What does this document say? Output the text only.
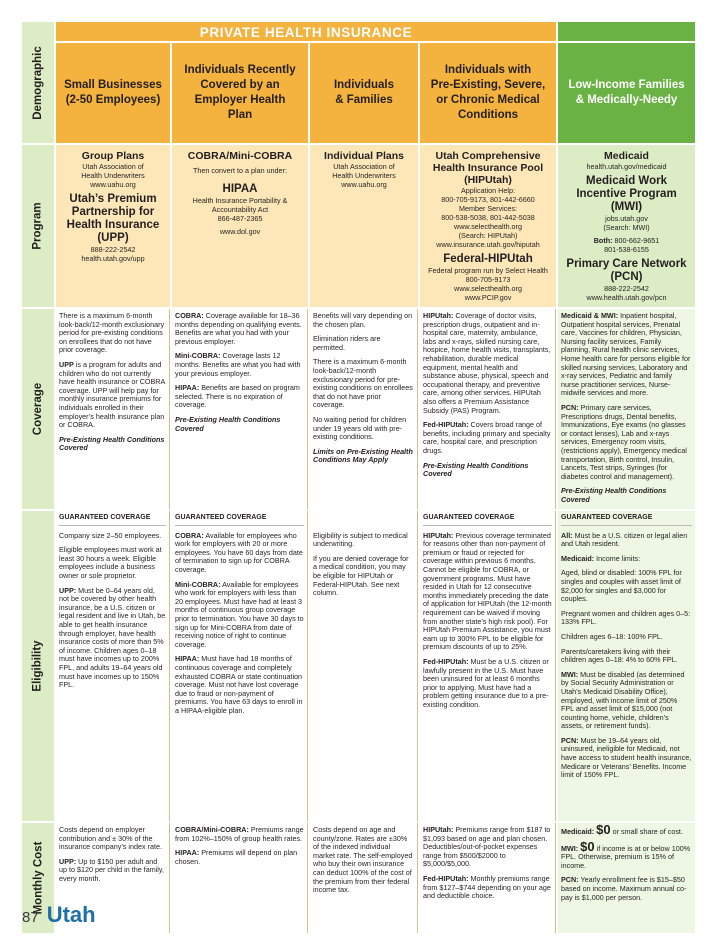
Demographic
PRIVATE HEALTH INSURANCE
Small Businesses
(2-50 Employees)
Individuals Recently
Covered by an
Employer Health
Plan
Individuals
& Families
Individuals with
Pre-Existing, Severe,
or Chronic Medical
Conditions
Low-Income Families
& Medically-Needy
Program
Group Plans
Utah Association of
Health Underwriters
www.uahu.org
Utah’s Premium
Partnership for
Health Insurance
(UPP)
888-222-2542
health.utah.gov/upp
COBRA/Mini-COBRA
Then convert to a plan under:
HIPAA
Health Insurance Portability &
Accountability Act
866-487-2365
www.dol.gov
Individual Plans
Utah Association of
Health Underwriters
www.uahu.org
Utah Comprehensive
Health Insurance Pool
(HIPUtah)
Application Help:
800-705-9173, 801-442-6660
Member Services:
800-538-5038, 801-442-5038
www.selecthealth.org
(Search: HIPUtah)
www.insurance.utah.gov/hiputah
Federal-HIPUtah
Federal program run by Select Health
800-705-9173
www.selecthealth.org
www.PCIP.gov
Medicaid
health.utah.gov/medicaid
Medicaid Work
Incentive Program
(MWI)
jobs.utah.gov
(Search: MWI)
Both: 800-662-9651
801-538-6155
Primary Care Network
(PCN)
888-222-2542
www.health.utah.gov/pcn
Coverage

There is a maximum 6-month look-back/12-month exclusionary period for pre-existing conditions on enrollees that do not have prior coverage.

UPP is a program for adults and children who do not currently have health insurance or COBRA coverage. UPP will help pay for monthly insurance premiums for individuals enrolled in their employer’s health insurance plan or COBRA.

Pre-Existing Health Conditions Covered

COBRA: Coverage available for 18–36 months depending on qualifying events. Benefits are what you had with your previous employer.

Mini-COBRA: Coverage lasts 12 months. Benefits are what you had with your previous employer.

HIPAA: Benefits are based on program selected. There is no expiration of coverage.

Pre-Existing Health Conditions Covered

Benefits will vary depending on the chosen plan.

Elimination riders are permitted.

There is a maximum 6-month look-back/12-month exclusionary period for pre-existing conditions on enrollees that do not have prior coverage.

No waiting period for children under 19 years old with pre-existing conditions.

Limits on Pre-Existing Health Conditions May Apply

HIPUtah: Coverage of doctor visits, prescription drugs, outpatient and in-hospital care, maternity, ambulance, labs and x-rays, skilled nursing care, hospice, home health visits, transplants, rehabilitation, durable medical equipment, mental health and substance abuse, physical, speech and occupational therapy, and preventive care, among other services. HIPUtah also offers a Premium Assistance Subsidy (PAS) Program.

Fed-HIPUtah: Covers broad range of benefits, including primary and specialty care, hospital care, and prescription drugs.

Pre-Existing Health Conditions Covered

Medicaid & MWI: Inpatient hospital, Outpatient hospital services, Prenatal care, Vaccines for children, Physician, Nursing facility services, Family planning, Rural health clinic services, Home health care for persons eligible for skilled nursing services, Laboratory and x-ray services, Pediatric and family nurse practitioner services, Nurse-midwife services and more.

PCN: Primary care services, Prescriptions drugs, Dental benefits, Immunizations, Eye exams (no glasses or contact lenses), Lab and x-rays services, Emergency room visits, (restrictions apply), Emergency medical transportation, Birth control, Insulin, Lancets, Test strips, Syringes (for diabetes control and management).

Pre-Existing Health Conditions Covered

Eligibility
GUARANTEED COVERAGE

Company size 2–50 employees.

Eligible employees must work at least 30 hours a week. Eligible employees include a business owner or sole proprietor.

UPP: Must be 0–64 years old, not be covered by other health insurance, be a U.S. citizen or legal resident and live in Utah, be able to get health insurance through employer, have health insurance costs of more than 5% of income. Children ages 0–18 must have incomes up to 200% FPL, and adults 19–64 years old must have incomes up to 150% FPL.

GUARANTEED COVERAGE

COBRA: Available for employees who work for employers with 20 or more employees. You have 60 days from date of termination to sign up for COBRA coverage.

Mini-COBRA: Available for employees who work for employers with less than 20 employees. Must have had at least 3 months of continuous group coverage prior to termination. You have 30 days to sign up for Mini-COBRA from date of receiving notice of right to continue coverage.

HIPAA: Must have had 18 months of continuous coverage and completely exhausted COBRA or state continuation coverage. Must not have lost coverage due to fraud or non-payment of premiums. You have 63 days to enroll in a HIPAA-eligible plan.

Eligibility is subject to medical underwriting.

If you are denied coverage for a medical condition, you may be eligible for HIPUtah or Federal-HIPUtah. See next column.

GUARANTEED COVERAGE

HIPUtah: Previous coverage terminated for reasons other than non-payment of premium or fraud or rejected for coverage within previous 6 months. Cannot be eligible for COBRA, or government programs. Must have resided in Utah for 12 consecutive months immediately preceding the date of application for HIPUtah (the 12-month requirement can be waived if moving from another state’s high risk pool). For HIPUtah Premium Assistance, you must earn up to 300% FPL to be eligible for premium discounts of up to 25%.

Fed-HIPUtah: Must be a U.S. citizen or lawfully present in the U.S. Must have been uninsured for at least 6 months prior to applying. Must have had a problem getting insurance due to a pre-existing condition.

GUARANTEED COVERAGE

All: Must be a U.S. citizen or legal alien and Utah resident.

Medicaid: Income limits:

Aged, blind or disabled: 100% FPL for singles and couples with asset limit of $2,000 for singles and $3,000 for couples.

Pregnant women and children ages 0–5: 133% FPL.

Children ages 6–18: 100% FPL.

Parents/caretakers living with their children ages 0–18: 4% to 60% FPL.

MWI: Must be disabled (as determined by Social Security Administration or Utah’s Medicaid Disability Office), employed, with income limit of 250% FPL and asset limit of $15,000 (not counting home, vehicle, children’s assets, or retirement funds).

PCN: Must be 19–64 years old, uninsured, ineligible for Medicaid, not have access to student health insurance, Medicare or Veterans’ Benefits. Income limit of 150% FPL.

Monthly Cost

Costs depend on employer contribution and ± 30% of the insurance company’s index rate.

UPP: Up to $150 per adult and up to $120 per child in the family, every month.

COBRA/Mini-COBRA: Premiums range from 102%–150% of group health rates.

HIPAA: Premiums will depend on plan chosen.

Costs depend on age and county/zone. Rates are ±30% of the indexed individual market rate. The self-employed who buy their own insurance can deduct 100% of the cost of the premium from their federal income tax.

HIPUtah: Premiums range from $187 to $1,093 based on age and plan chosen. Deductibles/out-of-pocket expenses range from $500/$2000 to $5,000/$5,000.

Fed-HIPUtah: Monthly premiums range from $127–$744 depending on your age and deductible choice.

Medicaid: $0 or small share of cost.

MWI: $0 if income is at or below 100% FPL. Otherwise, premium is 15% of income.

PCN: Yearly enrollment fee is $15–$50 based on income. Maximum annual co-pay is $1,000 per person.

87 Utah
